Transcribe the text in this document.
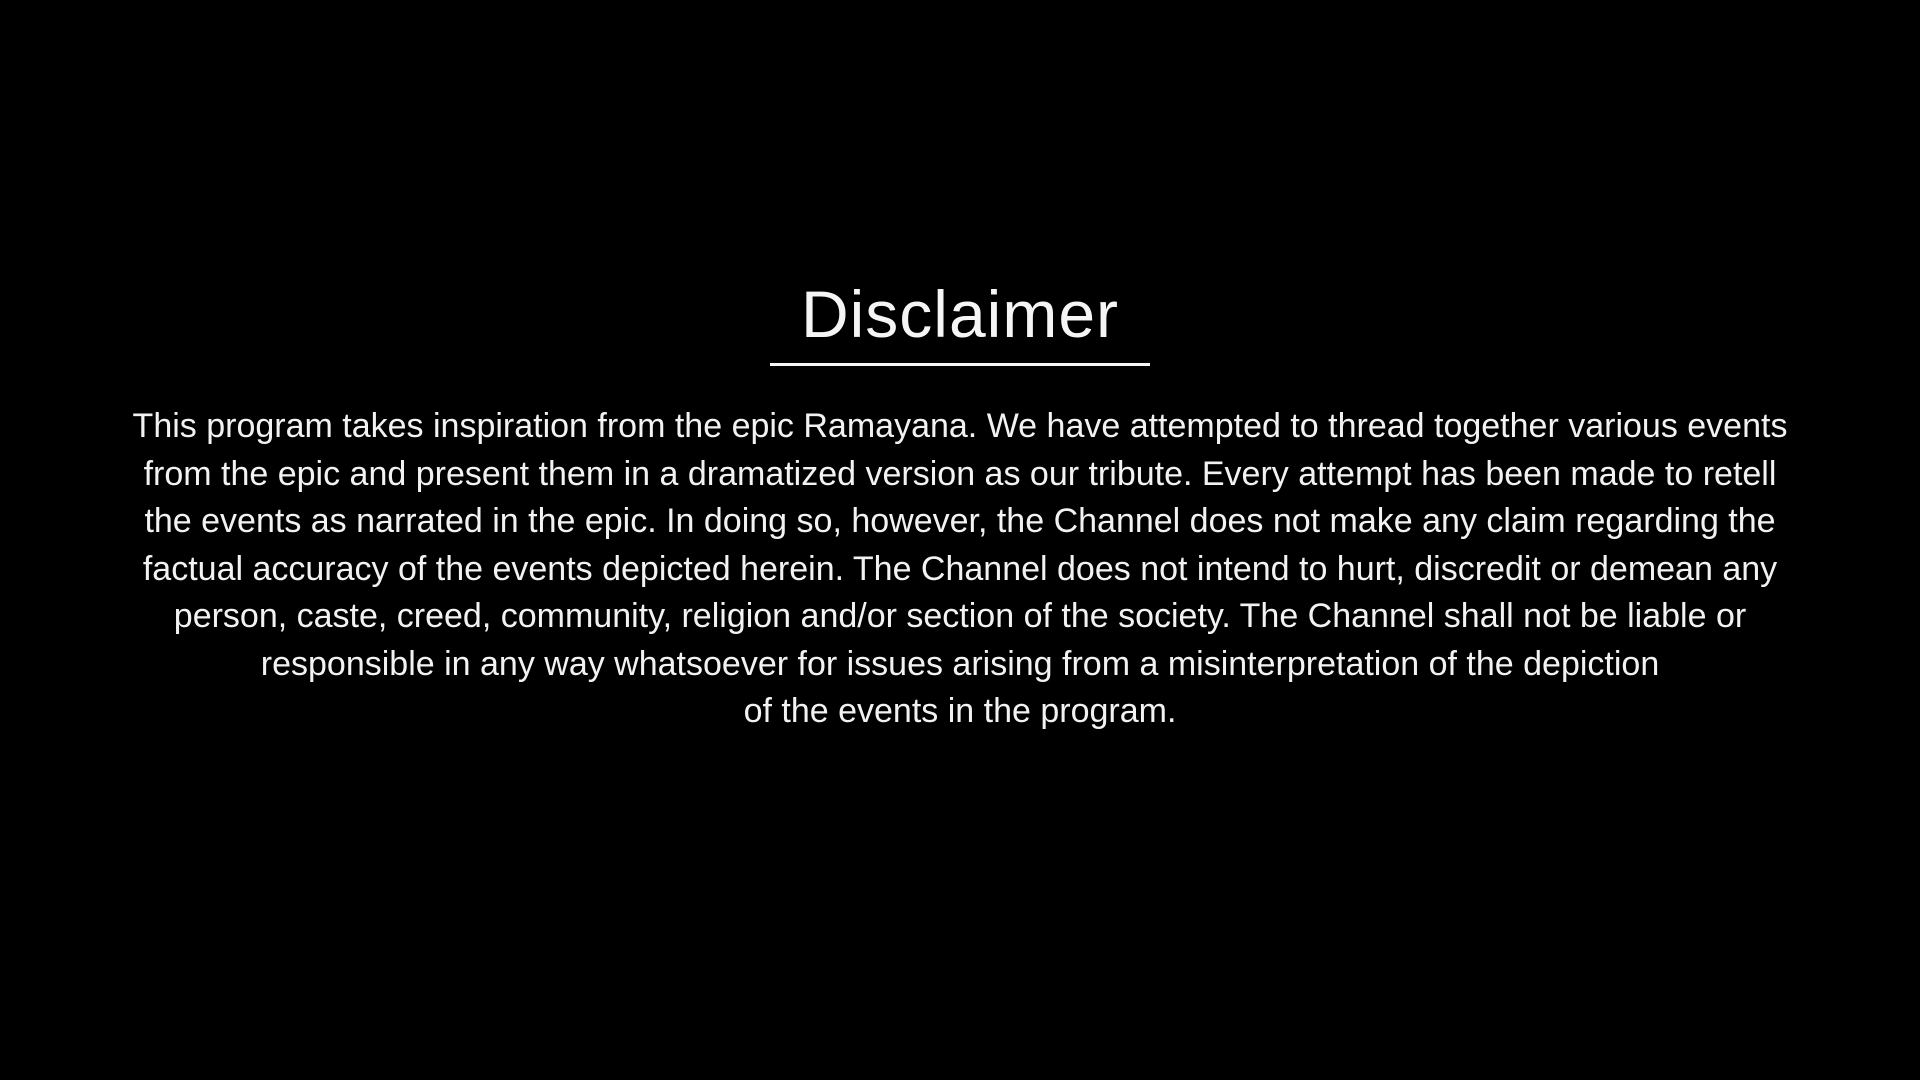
Disclaimer
This program takes inspiration from the epic Ramayana. We have attempted to thread together various events
from the epic and present them in a dramatized version as our tribute. Every attempt has been made to retell
the events as narrated in the epic. In doing so, however, the Channel does not make any claim regarding the
factual accuracy of the events depicted herein. The Channel does not intend to hurt, discredit or demean any
person, caste, creed, community, religion and/or section of the society. The Channel shall not be liable or
responsible in any way whatsoever for issues arising from a misinterpretation of the depiction
of the events in the program.
